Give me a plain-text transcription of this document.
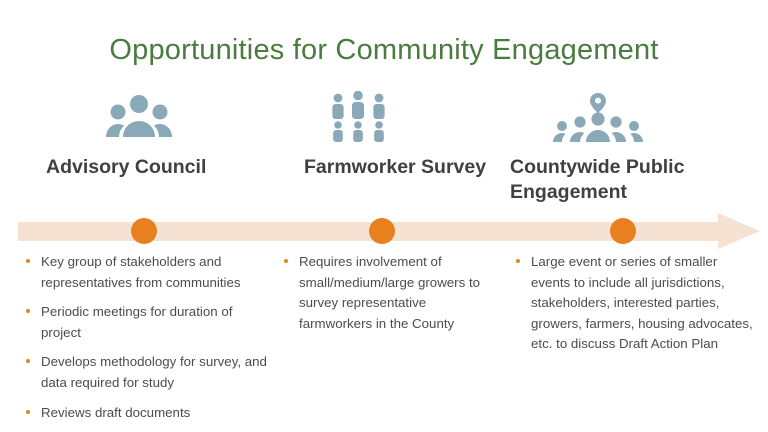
Opportunities for Community Engagement
Advisory Council	Farmworker Survey	Countywide Public Engagement
Key group of stakeholders and representatives from communities
Periodic meetings for duration of project
Develops methodology for survey, and data required for study
Reviews draft documents
Requires involvement of small/medium/large growers to survey representative farmworkers in the County
Large event or series of smaller events to include all jurisdictions, stakeholders, interested parties, growers, farmers, housing advocates, etc. to discuss Draft Action Plan
